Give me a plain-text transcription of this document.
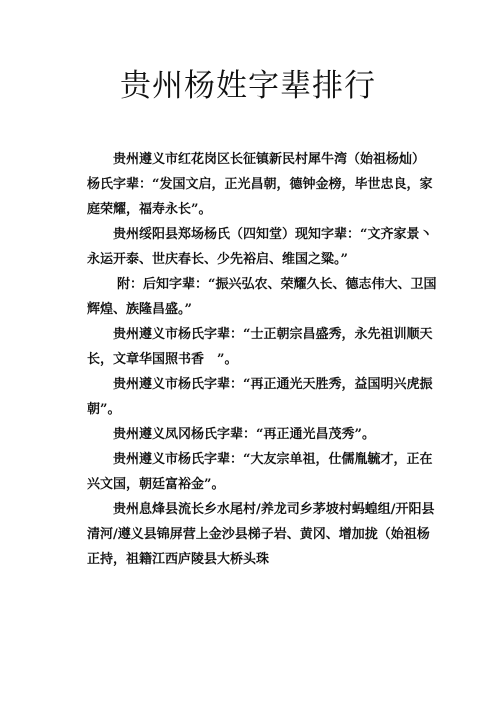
贵州杨姓字辈排行

贵州遵义市红花岗区长征镇新民村犀牛湾（始祖杨灿）杨氏字辈：“发国文启，正光昌朝，德钟金榜，毕世忠良，家庭荣耀，福寿永长”。

贵州绥阳县郑场杨氏（四知堂）现知字辈：“文齐家景丶永运开泰、世庆春长、少先裕启、维国之粱。”

附：后知字辈：“振兴弘农、荣耀久长、德志伟大、卫国辉煌、族隆昌盛。”

贵州遵义市杨氏字辈：“士正朝宗昌盛秀，永先祖训顺天长，文章华国照书香　”。

贵州遵义市杨氏字辈：“再正通光天胜秀，益国明兴虎振朝”。

贵州遵义凤冈杨氏字辈：“再正通光昌茂秀”。

贵州遵义市杨氏字辈：“大友宗单祖，仕儒胤毓才，正在兴文国，朝廷富裕金”。

贵州息烽县流长乡水尾村/养龙司乡茅坡村蚂蝗组/开阳县清河/遵义县锦屏营上金沙县梯子岩、黄冈、增加拢（始祖杨正持，祖籍江西庐陵县大桥头珠
